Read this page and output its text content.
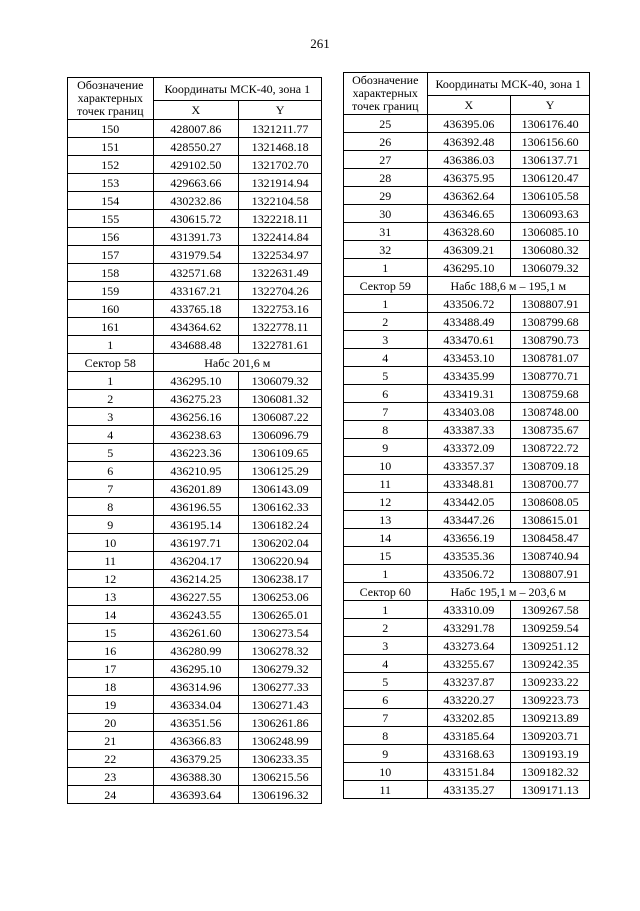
261
Обозначение характерных точек границ	Координаты МСК-40, зона 1	
	X	Y
150	428007.86	1321211.77
151	428550.27	1321468.18
152	429102.50	1321702.70
153	429663.66	1321914.94
154	430232.86	1322104.58
155	430615.72	1322218.11
156	431391.73	1322414.84
157	431979.54	1322534.97
158	432571.68	1322631.49
159	433167.21	1322704.26
160	433765.18	1322753.16
161	434364.62	1322778.11
1	434688.48	1322781.61
Сектор 58	Набс 201,6 м	
1	436295.10	1306079.32
2	436275.23	1306081.32
3	436256.16	1306087.22
4	436238.63	1306096.79
5	436223.36	1306109.65
6	436210.95	1306125.29
7	436201.89	1306143.09
8	436196.55	1306162.33
9	436195.14	1306182.24
10	436197.71	1306202.04
11	436204.17	1306220.94
12	436214.25	1306238.17
13	436227.55	1306253.06
14	436243.55	1306265.01
15	436261.60	1306273.54
16	436280.99	1306278.32
17	436295.10	1306279.32
18	436314.96	1306277.33
19	436334.04	1306271.43
20	436351.56	1306261.86
21	436366.83	1306248.99
22	436379.25	1306233.35
23	436388.30	1306215.56
24	436393.64	1306196.32
Обозначение характерных точек границ	Координаты МСК-40, зона 1	
	X	Y
25	436395.06	1306176.40
26	436392.48	1306156.60
27	436386.03	1306137.71
28	436375.95	1306120.47
29	436362.64	1306105.58
30	436346.65	1306093.63
31	436328.60	1306085.10
32	436309.21	1306080.32
1	436295.10	1306079.32
Сектор 59	Набс 188,6 м – 195,1 м	
1	433506.72	1308807.91
2	433488.49	1308799.68
3	433470.61	1308790.73
4	433453.10	1308781.07
5	433435.99	1308770.71
6	433419.31	1308759.68
7	433403.08	1308748.00
8	433387.33	1308735.67
9	433372.09	1308722.72
10	433357.37	1308709.18
11	433348.81	1308700.77
12	433442.05	1308608.05
13	433447.26	1308615.01
14	433656.19	1308458.47
15	433535.36	1308740.94
1	433506.72	1308807.91
Сектор 60	Набс 195,1 м – 203,6 м	
1	433310.09	1309267.58
2	433291.78	1309259.54
3	433273.64	1309251.12
4	433255.67	1309242.35
5	433237.87	1309233.22
6	433220.27	1309223.73
7	433202.85	1309213.89
8	433185.64	1309203.71
9	433168.63	1309193.19
10	433151.84	1309182.32
11	433135.27	1309171.13
